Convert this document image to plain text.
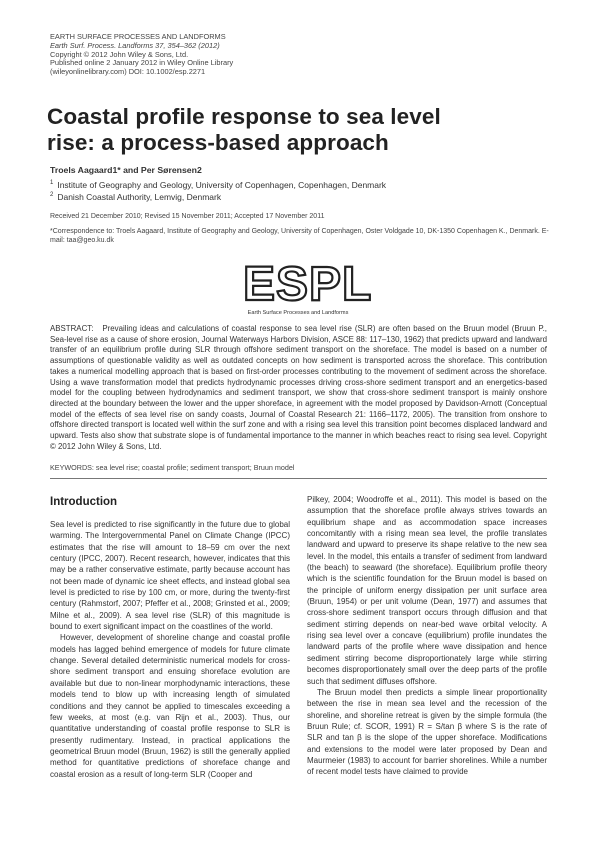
EARTH SURFACE PROCESSES AND LANDFORMS
Earth Surf. Process. Landforms 37, 354–362 (2012)
Copyright © 2012 John Wiley & Sons, Ltd.
Published online 2 January 2012 in Wiley Online Library
(wileyonlinelibrary.com) DOI: 10.1002/esp.2271
Coastal profile response to sea level rise: a process-based approach
Troels Aagaard1* and Per Sørensen2
$^1$ Institute of Geography and Geology, University of Copenhagen, Copenhagen, Denmark
$^2$ Danish Coastal Authority, Lemvig, Denmark
Received 21 December 2010; Revised 15 November 2011; Accepted 17 November 2011
*Correspondence to: Troels Aagaard, Institute of Geography and Geology, University of Copenhagen, Oster Voldgade 10, DK-1350 Copenhagen K., Denmark. E-mail: taa@geo.ku.dk
ESPL
Earth Surface Processes and Landforms
ABSTRACT: Prevailing ideas and calculations of coastal response to sea level rise (SLR) are often based on the Bruun model (Bruun P., Sea-level rise as a cause of shore erosion, Journal Waterways Harbors Division, ASCE 88: 117–130, 1962) that predicts upward and landward transfer of an equilibrium profile during SLR through offshore sediment transport on the shoreface. The model is based on a number of assumptions of questionable validity as well as outdated concepts on how sediment is transported across the shoreface. This contribution takes a numerical modelling approach that is based on first-order processes contributing to the movement of sediment across the shoreface. Using a wave transformation model that predicts hydrodynamic processes driving cross-shore sediment transport and an energetics-based model for the coupling between hydrodynamics and sediment transport, we show that cross-shore sediment transport is mainly onshore directed at the boundary between the lower and the upper shoreface, in agreement with the model proposed by Davidson-Arnott (Conceptual model of the effects of sea level rise on sandy coasts, Journal of Coastal Research 21: 1166–1172, 2005). The transition from onshore to offshore directed transport is located well within the surf zone and with a rising sea level this transition point becomes displaced landward and upward. Tests also show that substrate slope is of fundamental importance to the manner in which beaches react to rising sea level. Copyright © 2012 John Wiley & Sons, Ltd.
KEYWORDS: sea level rise; coastal profile; sediment transport; Bruun model
Introduction

Sea level is predicted to rise significantly in the future due to global warming. The Intergovernmental Panel on Climate Change (IPCC) estimates that the rise will amount to 18–59 cm over the next century (IPCC, 2007). Recent research, however, indicates that this may be a rather conservative estimate, partly because account has not been made of dynamic ice sheet effects, and instead global sea level is predicted to rise by 100 cm, or more, during the twenty-first century (Rahmstorf, 2007; Pfeffer et al., 2008; Grinsted et al., 2009; Milne et al., 2009). A sea level rise (SLR) of this magnitude is bound to exert significant impact on the coastlines of the world.

However, development of shoreline change and coastal profile models has lagged behind emergence of models for future climate change. Several detailed deterministic numerical models for cross-shore sediment transport and ensuing shoreface evolution are available but due to non-linear morphodynamic interactions, these models tend to blow up with increasing length of simulated conditions and they cannot be applied to timescales exceeding a few weeks, at most (e.g. van Rijn et al., 2003). Thus, our quantitative understanding of coastal profile response to SLR is presently rudimentary. Instead, in practical applications the geometrical Bruun model (Bruun, 1962) is still the generally applied method for quantitative predictions of shoreface change and coastal erosion as a result of long-term SLR (Cooper and

Pilkey, 2004; Woodroffe et al., 2011). This model is based on the assumption that the shoreface profile always strives towards an equilibrium shape and as accommodation space increases concomitantly with a rising mean sea level, the profile translates landward and upward to preserve its shape relative to the new sea level. In the model, this entails a transfer of sediment from landward (the beach) to seaward (the shoreface). Equilibrium profile theory which is the scientific foundation for the Bruun model is based on the principle of uniform energy dissipation per unit surface area (Bruun, 1954) or per unit volume (Dean, 1977) and assumes that cross-shore sediment transport occurs through diffusion and that sediment stirring depends on near-bed wave orbital velocity. A rising sea level over a concave (equilibrium) profile inundates the landward parts of the profile where wave dissipation and hence sediment stirring become disproportionately large while stirring becomes disproportionately small over the deep parts of the profile such that sediment diffuses offshore.

The Bruun model then predicts a simple linear proportionality between the rise in mean sea level and the recession of the shoreline, and shoreline retreat is given by the simple formula (the Bruun Rule; cf. SCOR, 1991) R = S/tan β where S is the rate of SLR and tan β is the slope of the upper shoreface. Modifications and extensions to the model were later proposed by Dean and Maurmeier (1983) to account for barrier shorelines. While a number of recent model tests have claimed to provide
